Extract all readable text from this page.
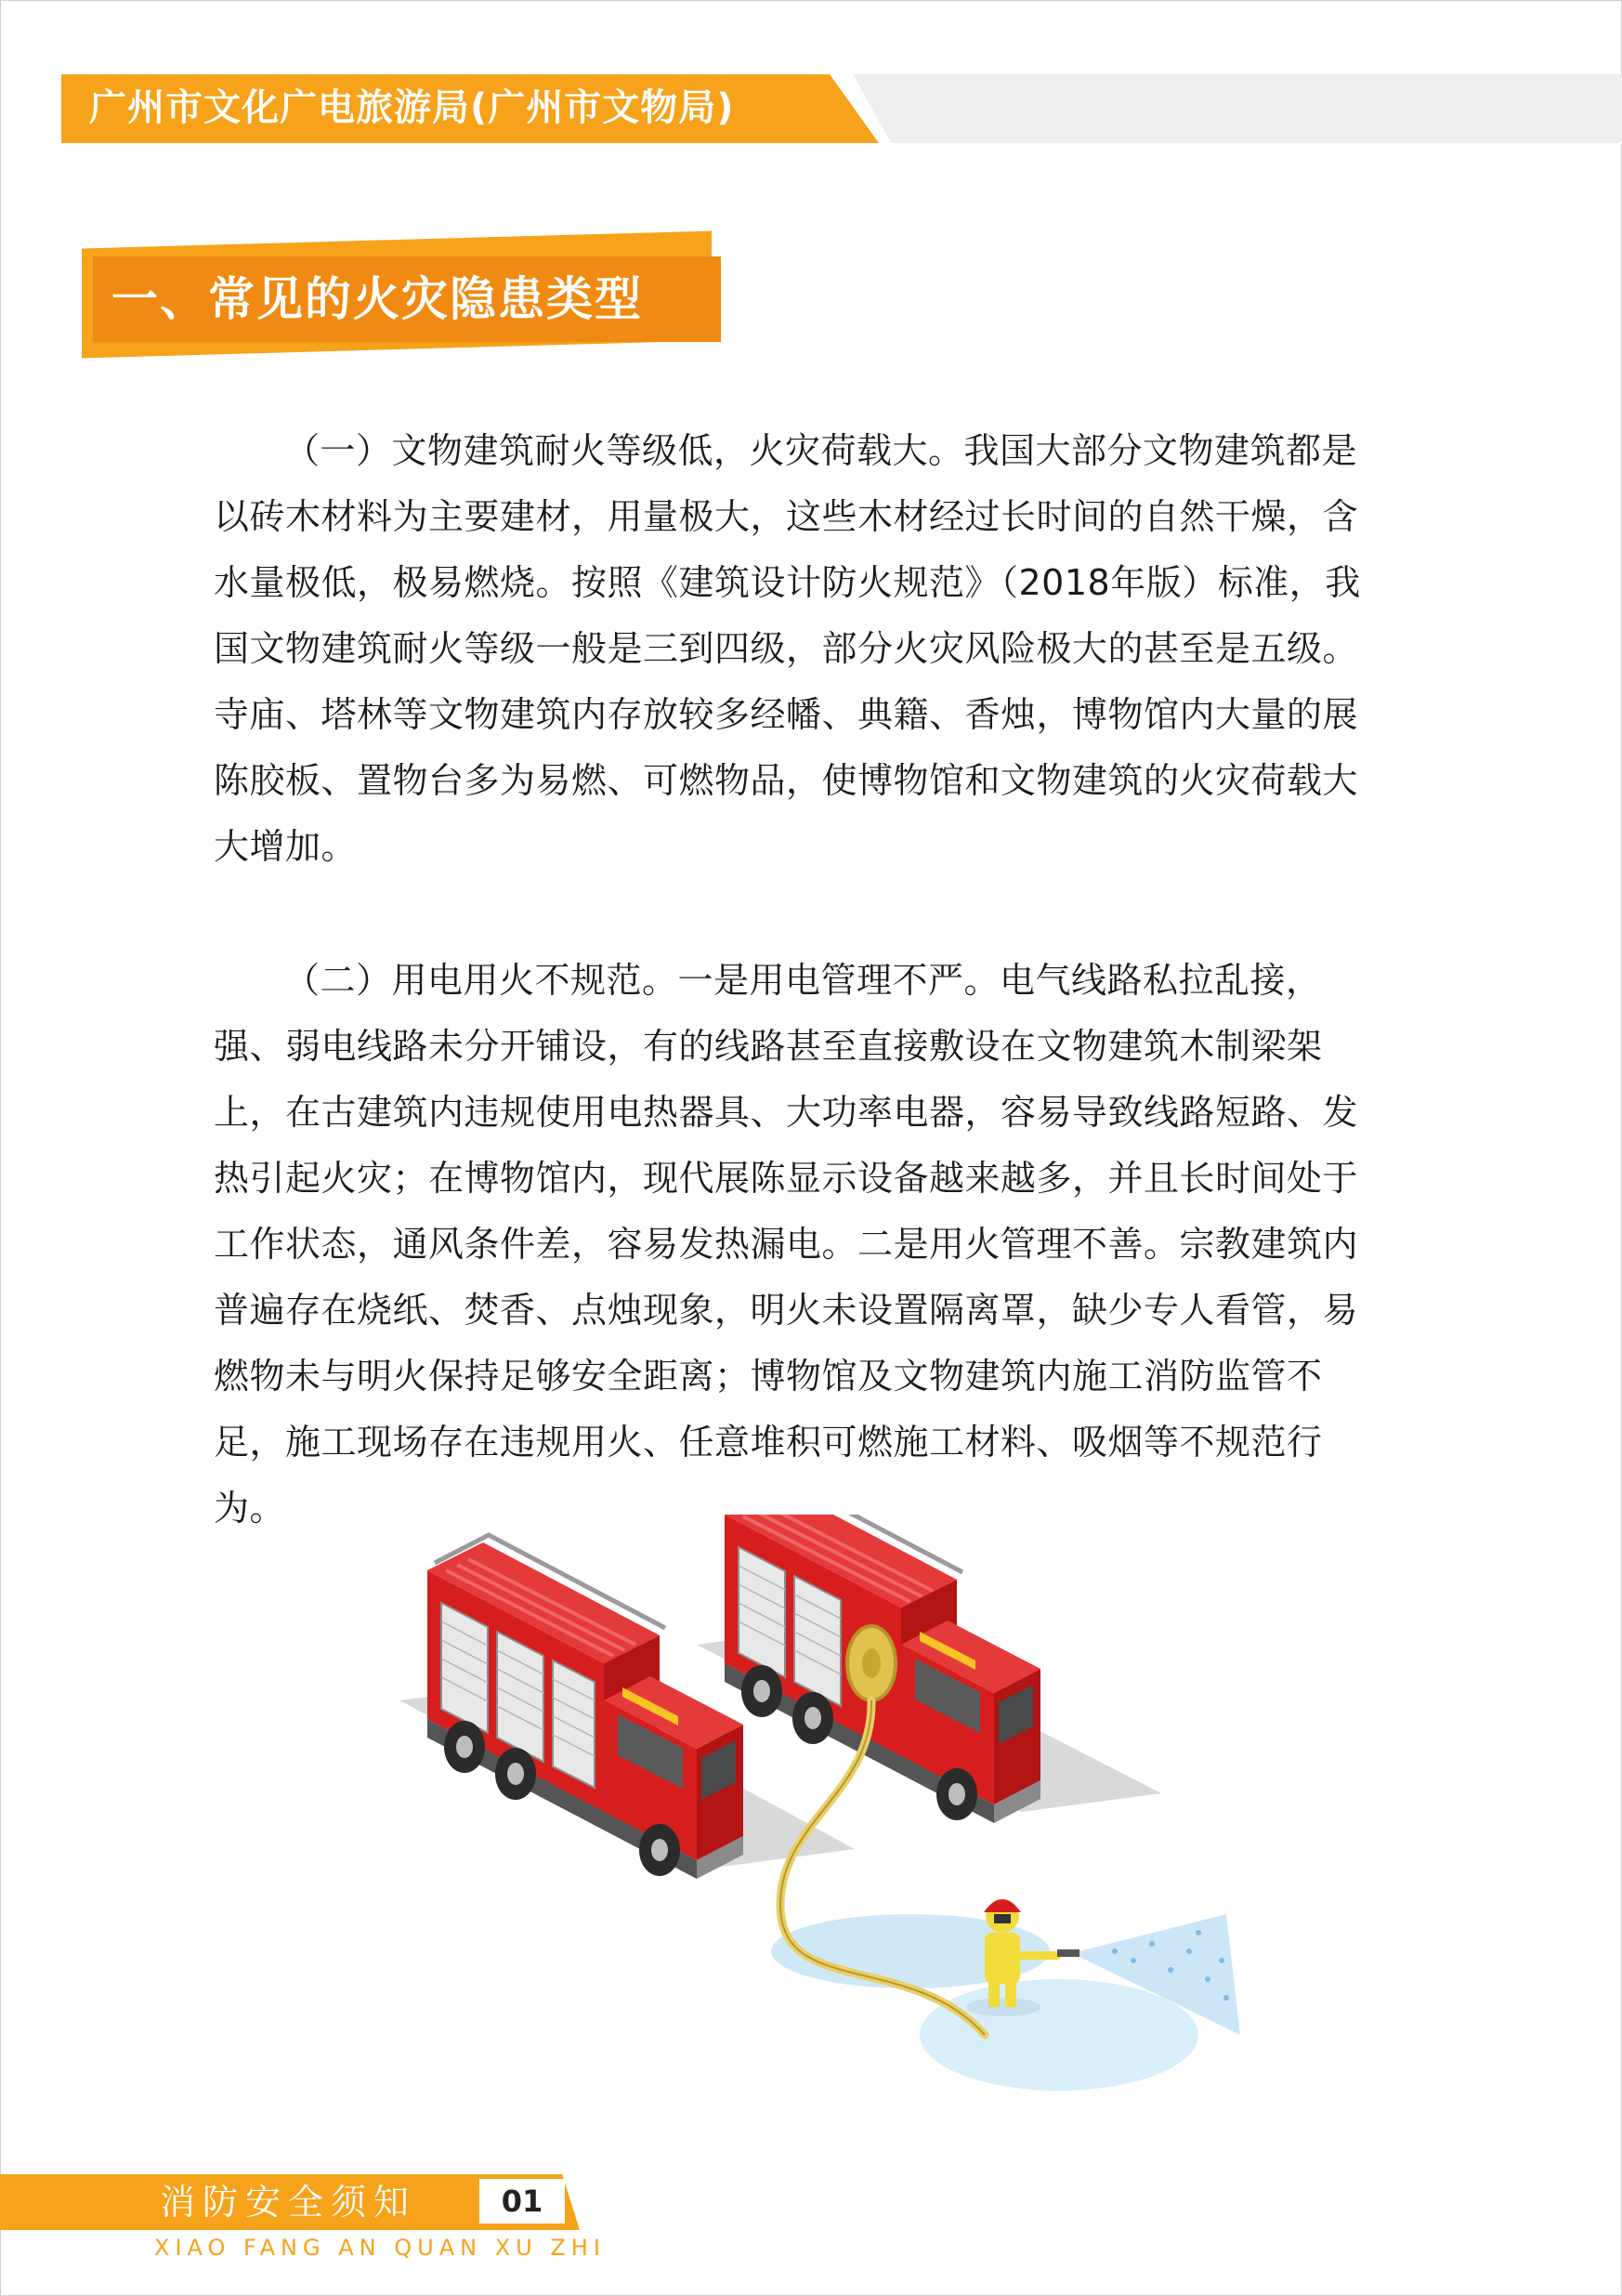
广州市文化广电旅游局(广州市文物局)
一、常见的火灾隐患类型
（一）文物建筑耐火等级低，火灾荷载大。我国大部分文物建筑都是
以砖木材料为主要建材，用量极大，这些木材经过长时间的自然干燥，含
水量极低，极易燃烧。按照《建筑设计防火规范》（2018年版）标准，我
国文物建筑耐火等级一般是三到四级，部分火灾风险极大的甚至是五级。
寺庙、塔林等文物建筑内存放较多经幡、典籍、香烛，博物馆内大量的展
陈胶板、置物台多为易燃、可燃物品，使博物馆和文物建筑的火灾荷载大
大增加。
（二）用电用火不规范。一是用电管理不严。电气线路私拉乱接，
强、弱电线路未分开铺设，有的线路甚至直接敷设在文物建筑木制梁架
上，在古建筑内违规使用电热器具、大功率电器，容易导致线路短路、发
热引起火灾；在博物馆内，现代展陈显示设备越来越多，并且长时间处于
工作状态，通风条件差，容易发热漏电。二是用火管理不善。宗教建筑内
普遍存在烧纸、焚香、点烛现象，明火未设置隔离罩，缺少专人看管，易
燃物未与明火保持足够安全距离；博物馆及文物建筑内施工消防监管不
足，施工现场存在违规用火、任意堆积可燃施工材料、吸烟等不规范行
为。
消防安全须知	01
XIAO FANG AN QUAN XU ZHI
